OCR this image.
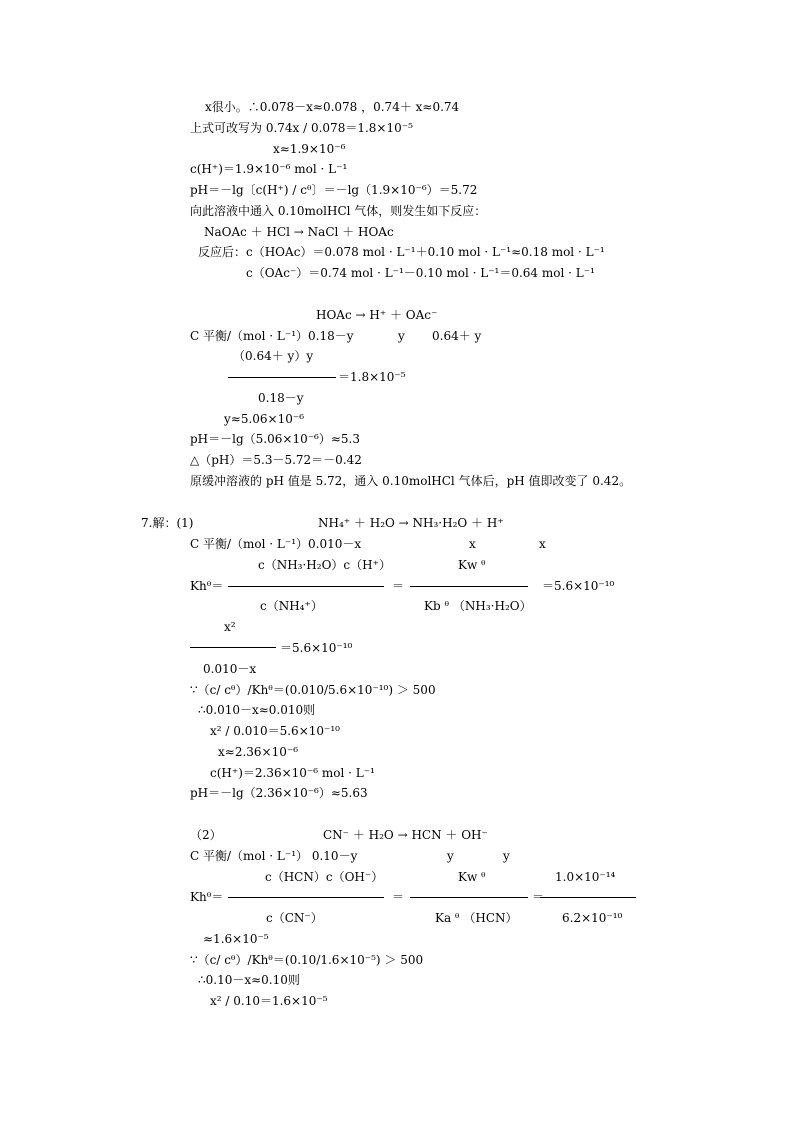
x很小。∴0.078－x≈0.078 ，0.74＋ x≈0.74
上式可改写为 0.74x / 0.078＝1.8×10⁻⁵
x≈1.9×10⁻⁶
c(H⁺)＝1.9×10⁻⁶ mol · L⁻¹
pH＝－lg〔c(H⁺) / cᶿ〕＝－lg（1.9×10⁻⁶）＝5.72
向此溶液中通入 0.10molHCl 气体，则发生如下反应：
NaOAc ＋ HCl → NaCl ＋ HOAc
反应后：c（HOAc）＝0.078 mol · L⁻¹＋0.10 mol · L⁻¹≈0.18 mol · L⁻¹
c（OAc⁻）＝0.74 mol · L⁻¹－0.10 mol · L⁻¹＝0.64 mol · L⁻¹
HOAc → H⁺ ＋ OAc⁻
C 平衡/（mol · L⁻¹）0.18－y	y 0.64＋ y
（0.64＋ y）y
＝1.8×10⁻⁵
0.18－y
y≈5.06×10⁻⁶
pH＝－lg（5.06×10⁻⁶）≈5.3
△（pH）＝5.3－5.72＝－0.42
原缓冲溶液的 pH 值是 5.72，通入 0.10molHCl 气体后，pH 值即改变了 0.42。
7.解：(1)	NH₄⁺ ＋ H₂O → NH₃·H₂O ＋ H⁺
C 平衡/（mol · L⁻¹）0.010－x	x	x
c（NH₃·H₂O）c（H⁺）	Kw ᶿ
Khᶿ＝	＝	＝5.6×10⁻¹⁰
c（NH₄⁺）	Kb ᶿ （NH₃·H₂O）
x²
＝5.6×10⁻¹⁰
0.010－x
∵（c/ cᶿ）/Khᶿ＝(0.010/5.6×10⁻¹⁰) ＞ 500
∴0.010－x≈0.010则
x² / 0.010＝5.6×10⁻¹⁰
x≈2.36×10⁻⁶
c(H⁺)＝2.36×10⁻⁶ mol · L⁻¹
pH＝－lg（2.36×10⁻⁶）≈5.63
（2）	CN⁻ ＋ H₂O → HCN ＋ OH⁻
C 平衡/（mol · L⁻¹） 0.10－y	y	y
c（HCN）c（OH⁻）	Kw ᶿ	1.0×10⁻¹⁴
Khᶿ＝	＝	＝
c（CN⁻）	Ka ᶿ （HCN）	6.2×10⁻¹⁰
≈1.6×10⁻⁵
∵（c/ cᶿ）/Khᶿ＝(0.10/1.6×10⁻⁵) ＞ 500
∴0.10－x≈0.10则
x² / 0.10＝1.6×10⁻⁵
